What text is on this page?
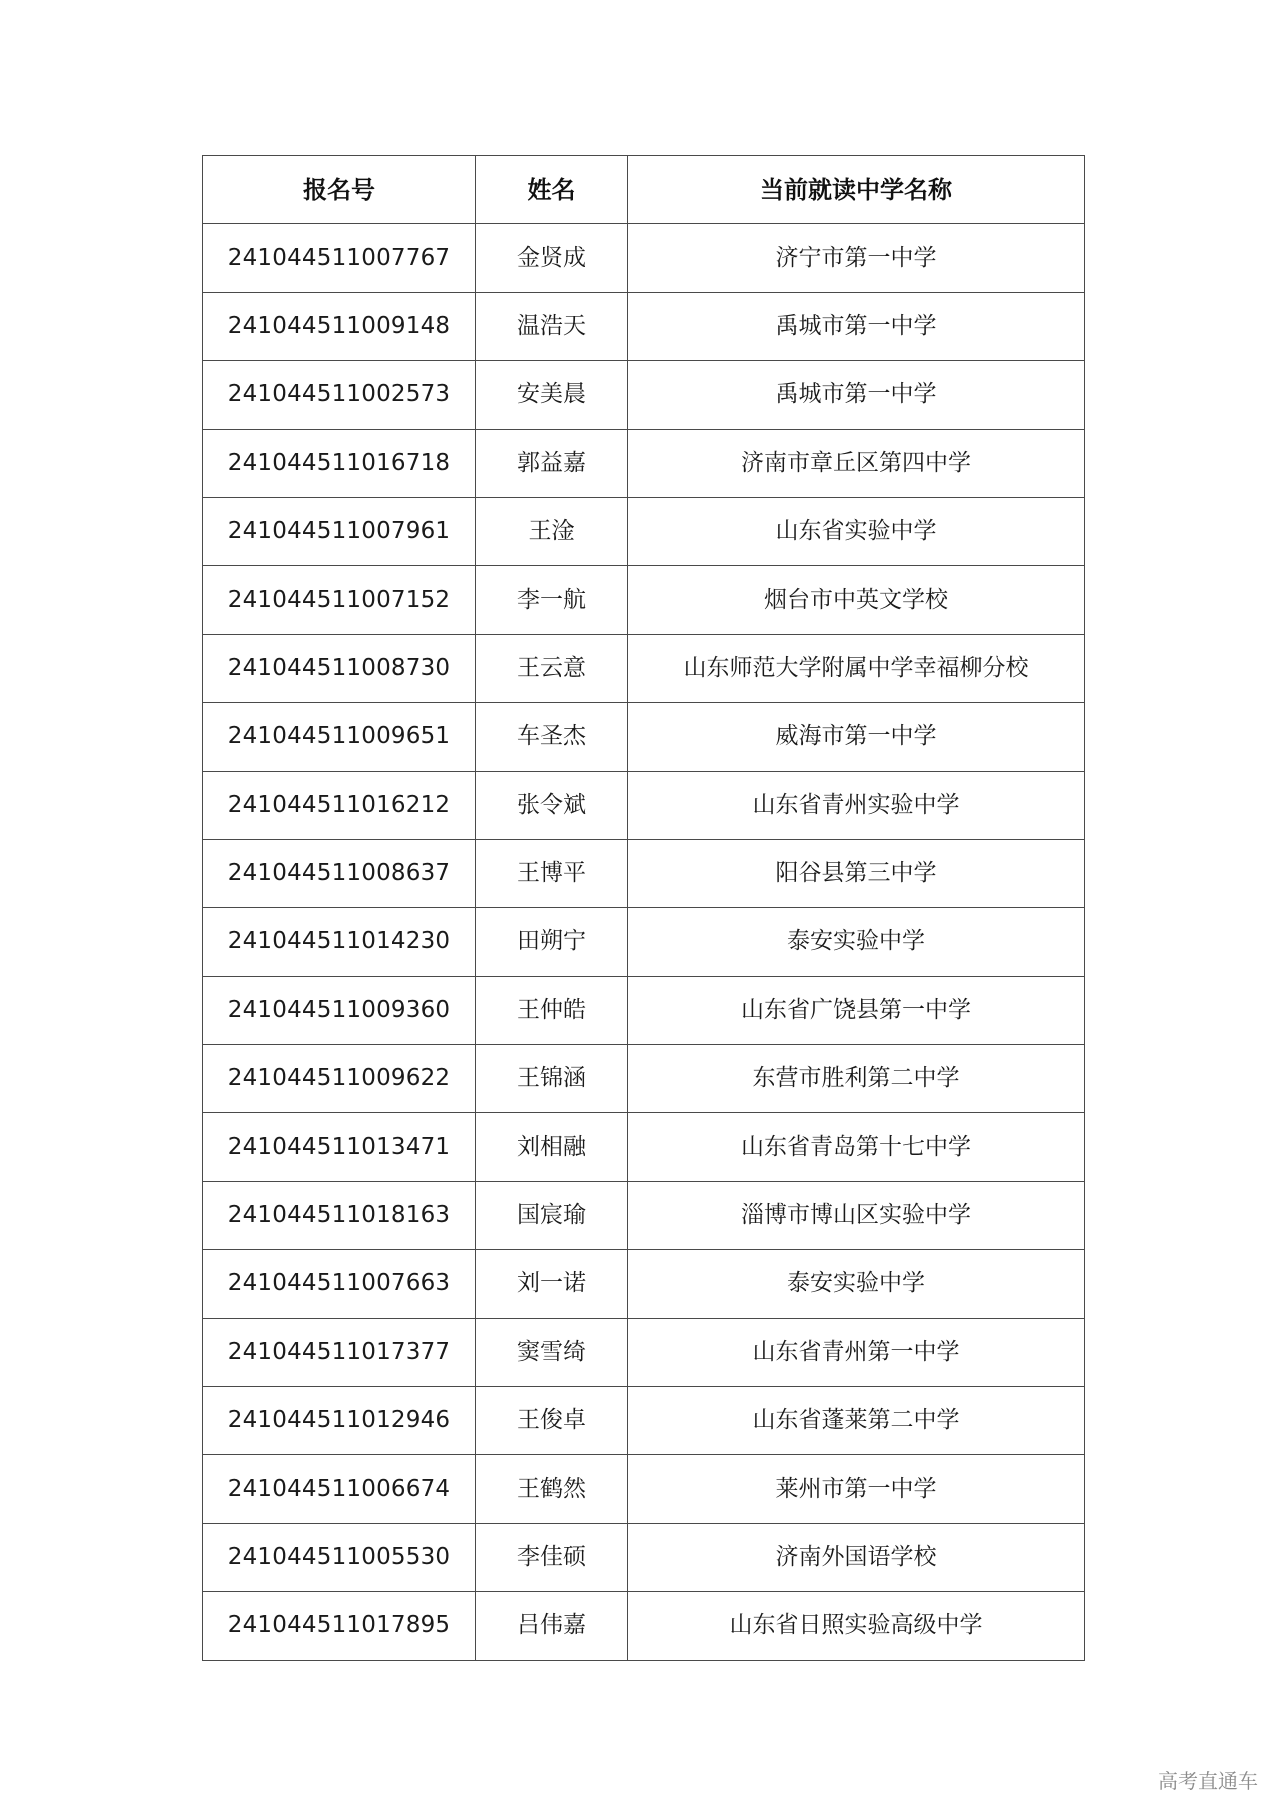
报名号	姓名	当前就读中学名称
241044511007767	金贤成	济宁市第一中学
241044511009148	温浩天	禹城市第一中学
241044511002573	安美晨	禹城市第一中学
241044511016718	郭益嘉	济南市章丘区第四中学
241044511007961	王淦	山东省实验中学
241044511007152	李一航	烟台市中英文学校
241044511008730	王云意	山东师范大学附属中学幸福柳分校
241044511009651	车圣杰	威海市第一中学
241044511016212	张令斌	山东省青州实验中学
241044511008637	王博平	阳谷县第三中学
241044511014230	田朔宁	泰安实验中学
241044511009360	王仲皓	山东省广饶县第一中学
241044511009622	王锦涵	东营市胜利第二中学
241044511013471	刘相融	山东省青岛第十七中学
241044511018163	国宸瑜	淄博市博山区实验中学
241044511007663	刘一诺	泰安实验中学
241044511017377	窦雪绮	山东省青州第一中学
241044511012946	王俊卓	山东省蓬莱第二中学
241044511006674	王鹤然	莱州市第一中学
241044511005530	李佳硕	济南外国语学校
241044511017895	吕伟嘉	山东省日照实验高级中学
高考直通车
